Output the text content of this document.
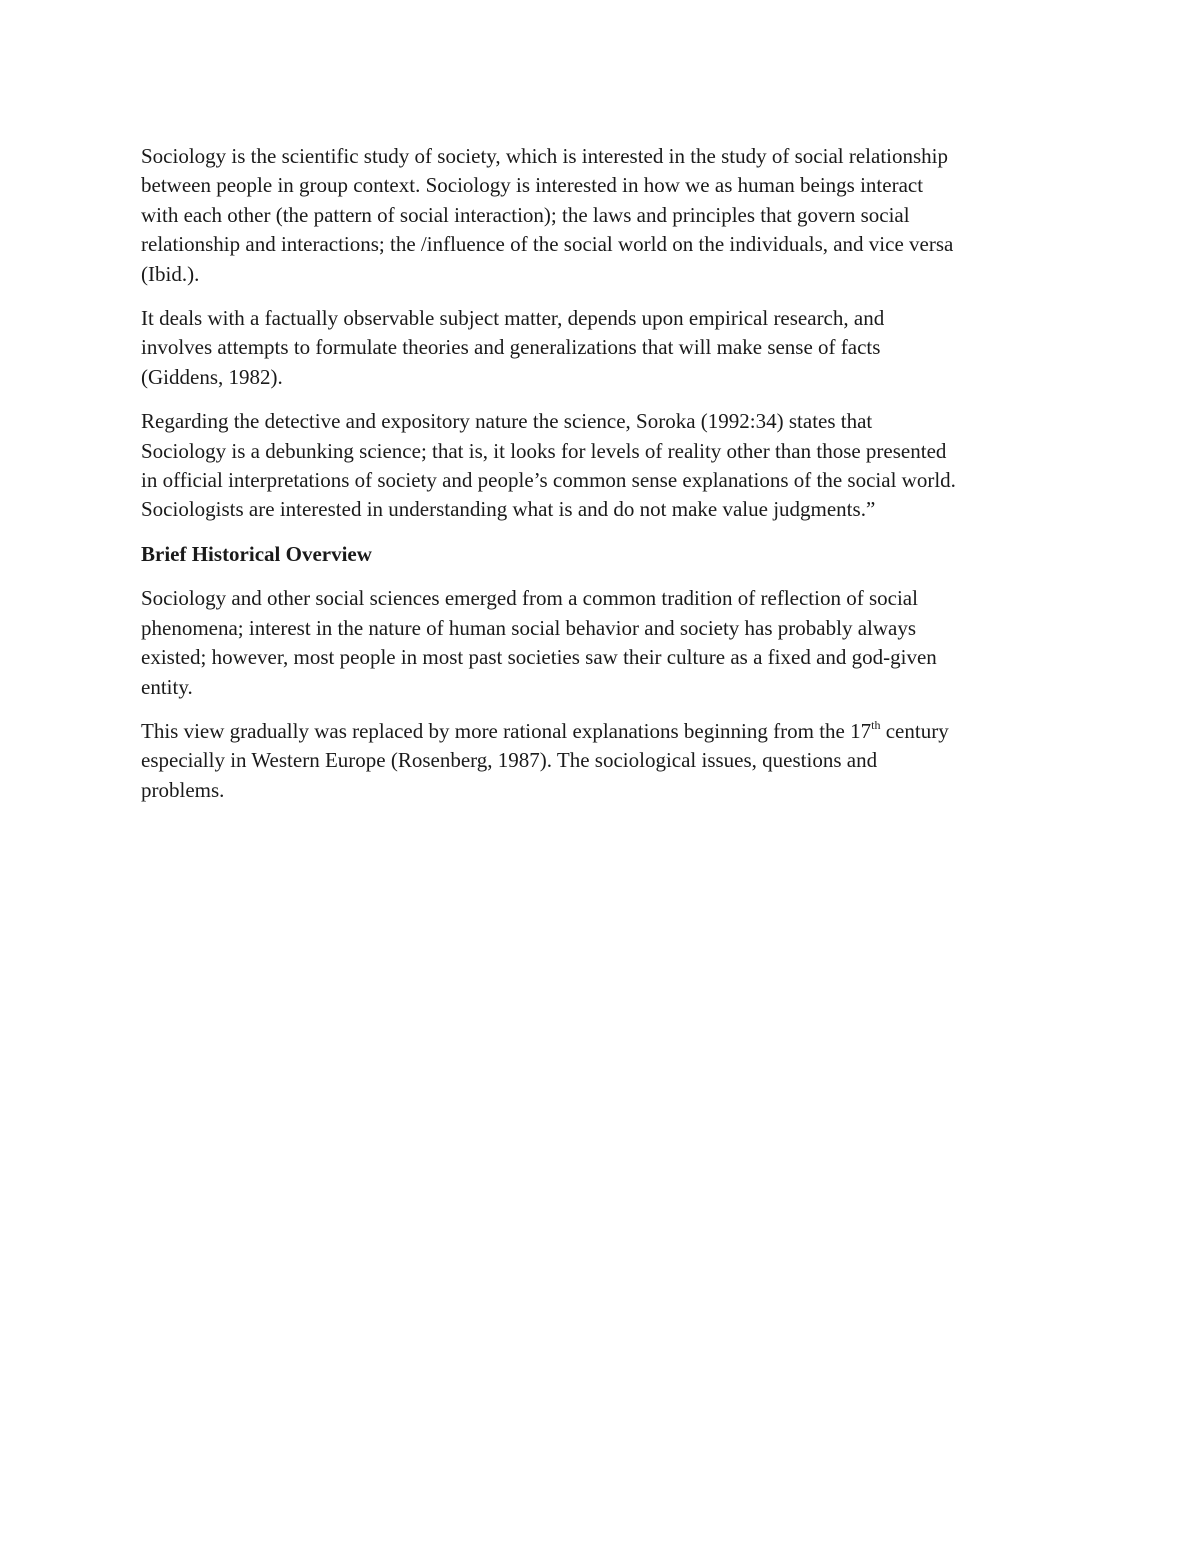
Sociology is the scientific study of society, which is interested in the study of social relationship
between people in group context. Sociology is interested in how we as human beings interact
with each other (the pattern of social interaction); the laws and principles that govern social
relationship and interactions; the /influence of the social world on the individuals, and vice versa
(Ibid.).

It deals with a factually observable subject matter, depends upon empirical research, and
involves attempts to formulate theories and generalizations that will make sense of facts
(Giddens, 1982).

Regarding the detective and expository nature the science, Soroka (1992:34) states that
Sociology is a debunking science; that is, it looks for levels of reality other than those presented
in official interpretations of society and people’s common sense explanations of the social world.
Sociologists are interested in understanding what is and do not make value judgments.”

Brief Historical Overview

Sociology and other social sciences emerged from a common tradition of reflection of social
phenomena; interest in the nature of human social behavior and society has probably always
existed; however, most people in most past societies saw their culture as a fixed and god-given
entity.

This view gradually was replaced by more rational explanations beginning from the 17th century
especially in Western Europe (Rosenberg, 1987). The sociological issues, questions and
problems.
